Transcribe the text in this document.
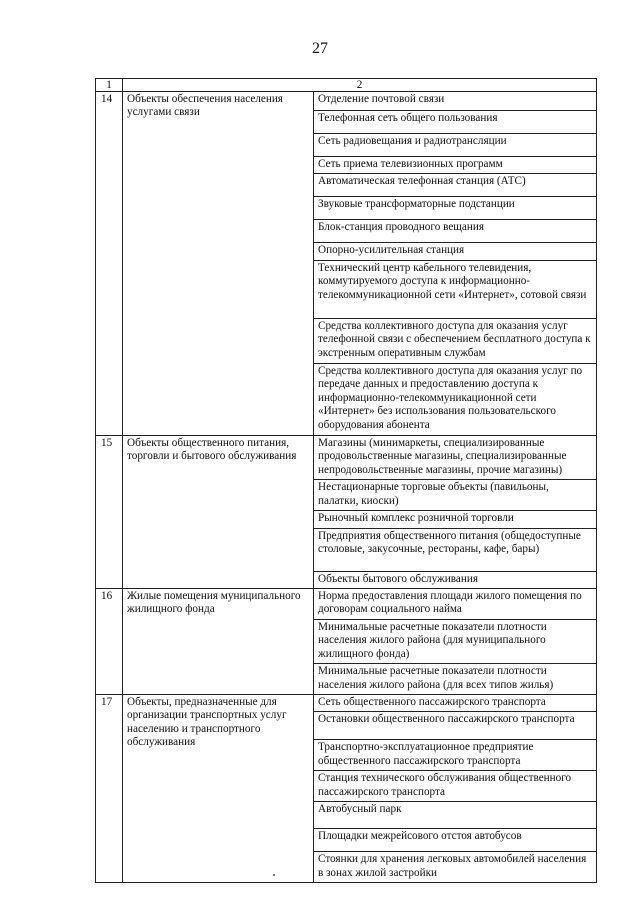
27
1	2	
14	Объекты обеспечения населения услугами связи	Отделение почтовой связи
		Телефонная сеть общего пользования
		Сеть радиовещания и радиотрансляции
		Сеть приема телевизионных программ
		Автоматическая телефонная станция (АТС)
		Звуковые трансформаторные подстанции
		Блок-станция проводного вещания
		Опорно-усилительная станция
		Технический центр кабельного телевидения, коммутируемого доступа к информационно-телекоммуникационной сети «Интернет», сотовой связи
		Средства коллективного доступа для оказания услуг телефонной связи с обеспечением бесплатного доступа к экстренным оперативным службам
		Средства коллективного доступа для оказания услуг по передаче данных и предоставлению доступа к информационно-телекоммуникационной сети «Интернет» без использования пользовательского оборудования абонента
15	Объекты общественного питания, торговли и бытового обслуживания	Магазины (минимаркеты, специализированные продовольственные магазины, специализированные непродовольственные магазины, прочие магазины)
		Нестационарные торговые объекты (павильоны, палатки, киоски)
		Рыночный комплекс розничной торговли
		Предприятия общественного питания (общедоступные столовые, закусочные, рестораны, кафе, бары)
		Объекты бытового обслуживания
16	Жилые помещения муниципального жилищного фонда	Норма предоставления площади жилого помещения по договорам социального найма
		Минимальные расчетные показатели плотности населения жилого района (для муниципального жилищного фонда)
		Минимальные расчетные показатели плотности населения жилого района (для всех типов жилья)
17	Объекты, предназначенные для организации транспортных услуг населению и транспортного обслуживания	Сеть общественного пассажирского транспорта
		Остановки общественного пассажирского транспорта
		Транспортно-эксплуатационное предприятие общественного пассажирского транспорта
		Станция технического обслуживания общественного пассажирского транспорта
		Автобусный парк
		Площадки межрейсового отстоя автобусов
		Стоянки для хранения легковых автомобилей населения в зонах жилой застройки
